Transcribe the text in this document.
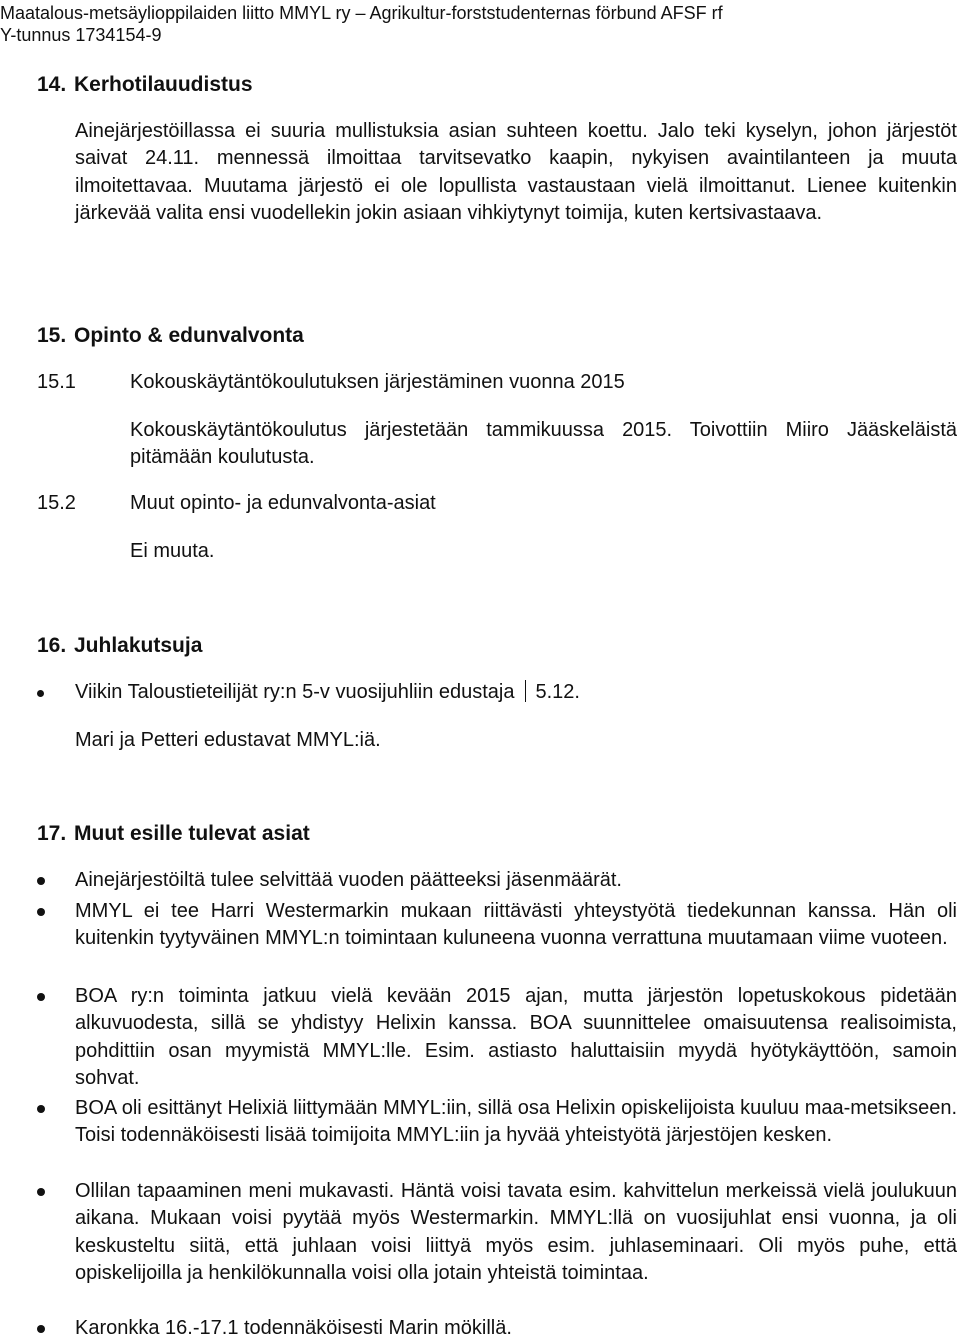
Maatalous-metsäylioppilaiden liitto MMYL ry – Agrikultur-forststudenternas förbund AFSF rf
Y-tunnus 1734154-9
14. Kerhotilauudistus
Ainejärjestöillassa ei suuria mullistuksia asian suhteen koettu. Jalo teki kyselyn, johon järjestöt saivat 24.11. mennessä ilmoittaa tarvitsevatko kaapin, nykyisen avaintilanteen ja muuta ilmoitettavaa. Muutama järjestö ei ole lopullista vastaustaan vielä ilmoittanut. Lienee kuitenkin järkevää valita ensi vuodellekin jokin asiaan vihkiytynyt toimija, kuten kertsivastaava.
15. Opinto & edunvalvonta
15.1	Kokouskäytäntökoulutuksen järjestäminen vuonna 2015
Kokouskäytäntökoulutus järjestetään tammikuussa 2015. Toivottiin Miiro Jääskeläistä pitämään koulutusta.
15.2	Muut opinto- ja edunvalvonta-asiat
Ei muuta.
16. Juhlakutsuja
Viikin Taloustieteilijät ry:n 5-v vuosijuhliin edustaja 5.12.
Mari ja Petteri edustavat MMYL:iä.
17. Muut esille tulevat asiat
Ainejärjestöiltä tulee selvittää vuoden päätteeksi jäsenmäärät.
MMYL ei tee Harri Westermarkin mukaan riittävästi yhteystyötä tiedekunnan kanssa. Hän oli kuitenkin tyytyväinen MMYL:n toimintaan kuluneena vuonna verrattuna muutamaan viime vuoteen.
BOA ry:n toiminta jatkuu vielä kevään 2015 ajan, mutta järjestön lopetuskokous pidetään alkuvuodesta, sillä se yhdistyy Helixin kanssa. BOA suunnittelee omaisuutensa realisoimista, pohdittiin osan myymistä MMYL:lle. Esim. astiasto haluttaisiin myydä hyötykäyttöön, samoin sohvat.
BOA oli esittänyt Helixiä liittymään MMYL:iin, sillä osa Helixin opiskelijoista kuuluu maa-metsikseen. Toisi todennäköisesti lisää toimijoita MMYL:iin ja hyvää yhteistyötä järjestöjen kesken.
Ollilan tapaaminen meni mukavasti. Häntä voisi tavata esim. kahvittelun merkeissä vielä joulukuun aikana. Mukaan voisi pyytää myös Westermarkin. MMYL:llä on vuosijuhlat ensi vuonna, ja oli keskusteltu siitä, että juhlaan voisi liittyä myös esim. juhlaseminaari. Oli myös puhe, että opiskelijoilla ja henkilökunnalla voisi olla jotain yhteistä toimintaa.
Karonkka 16.-17.1 todennäköisesti Marin mökillä.
